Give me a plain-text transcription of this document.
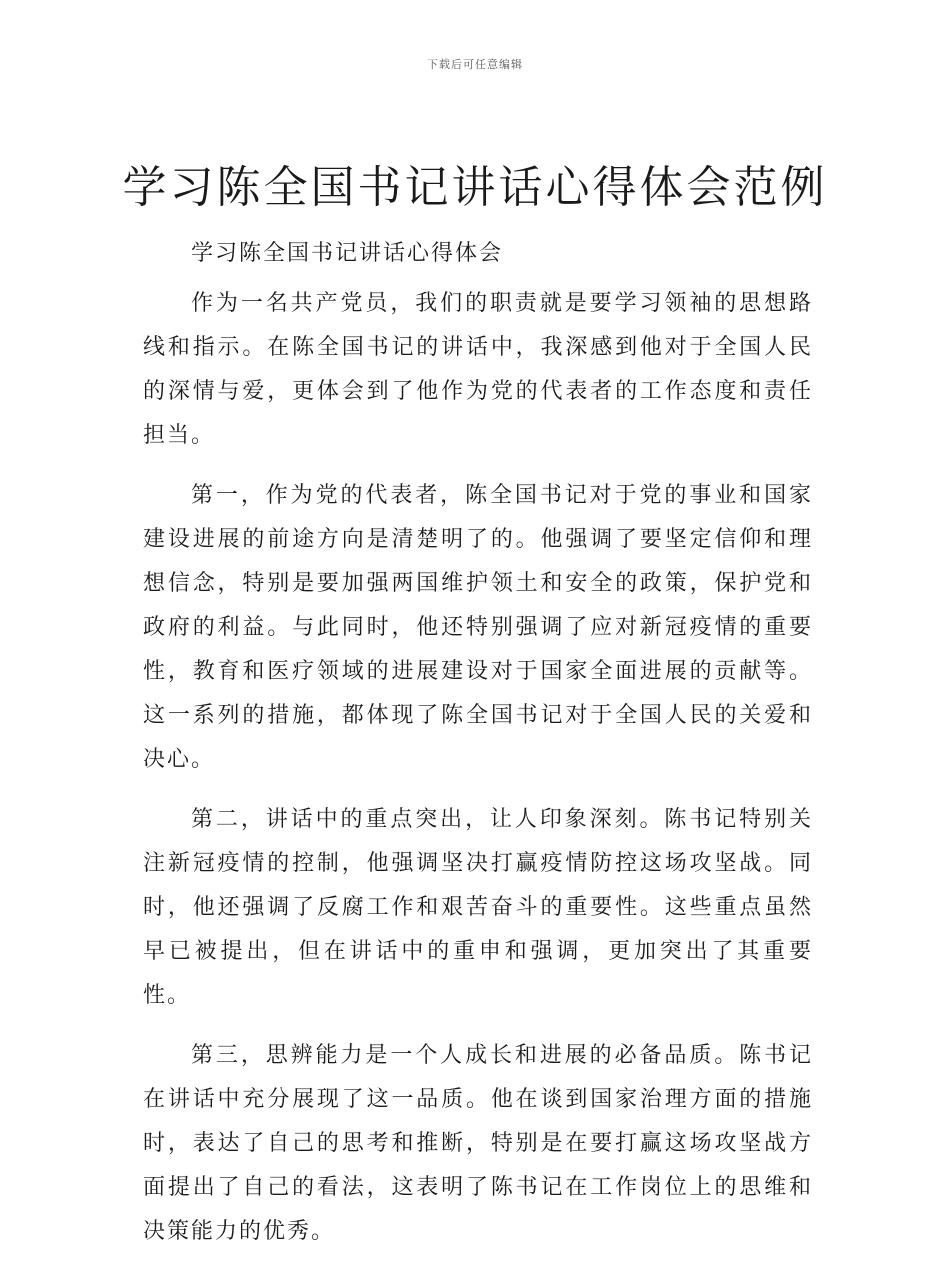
下载后可任意编辑
学习陈全国书记讲话心得体会范例

学习陈全国书记讲话心得体会

作为一名共产党员，我们的职责就是要学习领袖的思想路线和指示。在陈全国书记的讲话中，我深感到他对于全国人民的深情与爱，更体会到了他作为党的代表者的工作态度和责任担当。

第一，作为党的代表者，陈全国书记对于党的事业和国家建设进展的前途方向是清楚明了的。他强调了要坚定信仰和理想信念，特别是要加强两国维护领土和安全的政策，保护党和政府的利益。与此同时，他还特别强调了应对新冠疫情的重要性，教育和医疗领域的进展建设对于国家全面进展的贡献等。这一系列的措施，都体现了陈全国书记对于全国人民的关爱和决心。

第二，讲话中的重点突出，让人印象深刻。陈书记特别关注新冠疫情的控制，他强调坚决打赢疫情防控这场攻坚战。同时，他还强调了反腐工作和艰苦奋斗的重要性。这些重点虽然早已被提出，但在讲话中的重申和强调，更加突出了其重要性。

第三，思辨能力是一个人成长和进展的必备品质。陈书记在讲话中充分展现了这一品质。他在谈到国家治理方面的措施时，表达了自己的思考和推断，特别是在要打赢这场攻坚战方面提出了自己的看法，这表明了陈书记在工作岗位上的思维和决策能力的优秀。
